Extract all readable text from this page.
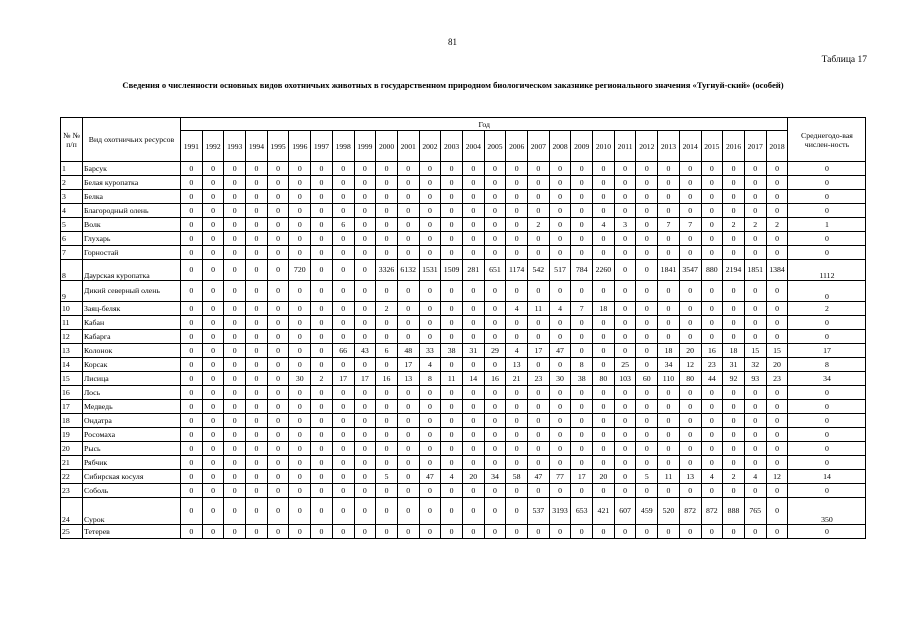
81
Таблица 17
Сведения о численности основных видов охотничьих животных в государственном природном биологическом заказнике регионального значения «Тугнуй-ский» (особей)
№ № п/п	Вид охотничьих ресурсов	Год																												Среднегодо-вая числен-ность
		1991	1992	1993	1994	1995	1996	1997	1998	1999	2000	2001	2002	2003	2004	2005	2006	2007	2008	2009	2010	2011	2012	2013	2014	2015	2016	2017	2018	
1	Барсук	0	0	0	0	0	0	0	0	0	0	0	0	0	0	0	0	0	0	0	0	0	0	0	0	0	0	0	0	0
2	Белая куропатка	0	0	0	0	0	0	0	0	0	0	0	0	0	0	0	0	0	0	0	0	0	0	0	0	0	0	0	0	0
3	Белка	0	0	0	0	0	0	0	0	0	0	0	0	0	0	0	0	0	0	0	0	0	0	0	0	0	0	0	0	0
4	Благородный олень	0	0	0	0	0	0	0	0	0	0	0	0	0	0	0	0	0	0	0	0	0	0	0	0	0	0	0	0	0
5	Волк	0	0	0	0	0	0	0	6	0	0	0	0	0	0	0	0	2	0	0	4	3	0	7	7	0	2	2	2	1
6	Глухарь	0	0	0	0	0	0	0	0	0	0	0	0	0	0	0	0	0	0	0	0	0	0	0	0	0	0	0	0	0
7	Горностай	0	0	0	0	0	0	0	0	0	0	0	0	0	0	0	0	0	0	0	0	0	0	0	0	0	0	0	0	0
8	Даурская куропатка	0	0	0	0	0	720	0	0	0	3326	6132	1531	1509	281	651	1174	542	517	784	2260	0	0	1841	3547	880	2194	1851	1384	1112
9	Дикий северный олень	0	0	0	0	0	0	0	0	0	0	0	0	0	0	0	0	0	0	0	0	0	0	0	0	0	0	0	0	0
10	Заяц-беляк	0	0	0	0	0	0	0	0	0	2	0	0	0	0	0	4	11	4	7	18	0	0	0	0	0	0	0	0	2
11	Кабан	0	0	0	0	0	0	0	0	0	0	0	0	0	0	0	0	0	0	0	0	0	0	0	0	0	0	0	0	0
12	Кабарга	0	0	0	0	0	0	0	0	0	0	0	0	0	0	0	0	0	0	0	0	0	0	0	0	0	0	0	0	0
13	Колонок	0	0	0	0	0	0	0	66	43	6	48	33	38	31	29	4	17	47	0	0	0	0	18	20	16	18	15	15	17
14	Корсак	0	0	0	0	0	0	0	0	0	0	17	4	0	0	0	13	0	0	8	0	25	0	34	12	23	31	32	20	8
15	Лисица	0	0	0	0	0	30	2	17	17	16	13	8	11	14	16	21	23	30	38	80	103	60	110	80	44	92	93	23	34
16	Лось	0	0	0	0	0	0	0	0	0	0	0	0	0	0	0	0	0	0	0	0	0	0	0	0	0	0	0	0	0
17	Медведь	0	0	0	0	0	0	0	0	0	0	0	0	0	0	0	0	0	0	0	0	0	0	0	0	0	0	0	0	0
18	Ондатра	0	0	0	0	0	0	0	0	0	0	0	0	0	0	0	0	0	0	0	0	0	0	0	0	0	0	0	0	0
19	Росомаха	0	0	0	0	0	0	0	0	0	0	0	0	0	0	0	0	0	0	0	0	0	0	0	0	0	0	0	0	0
20	Рысь	0	0	0	0	0	0	0	0	0	0	0	0	0	0	0	0	0	0	0	0	0	0	0	0	0	0	0	0	0
21	Рябчик	0	0	0	0	0	0	0	0	0	0	0	0	0	0	0	0	0	0	0	0	0	0	0	0	0	0	0	0	0
22	Сибирская косуля	0	0	0	0	0	0	0	0	0	5	0	47	4	20	34	58	47	77	17	20	0	5	11	13	4	2	4	12	14
23	Соболь	0	0	0	0	0	0	0	0	0	0	0	0	0	0	0	0	0	0	0	0	0	0	0	0	0	0	0	0	0
24	Сурок	0	0	0	0	0	0	0	0	0	0	0	0	0	0	0	0	537	3193	653	421	607	459	520	872	872	888	765	0	350
25	Тетерев	0	0	0	0	0	0	0	0	0	0	0	0	0	0	0	0	0	0	0	0	0	0	0	0	0	0	0	0	0
